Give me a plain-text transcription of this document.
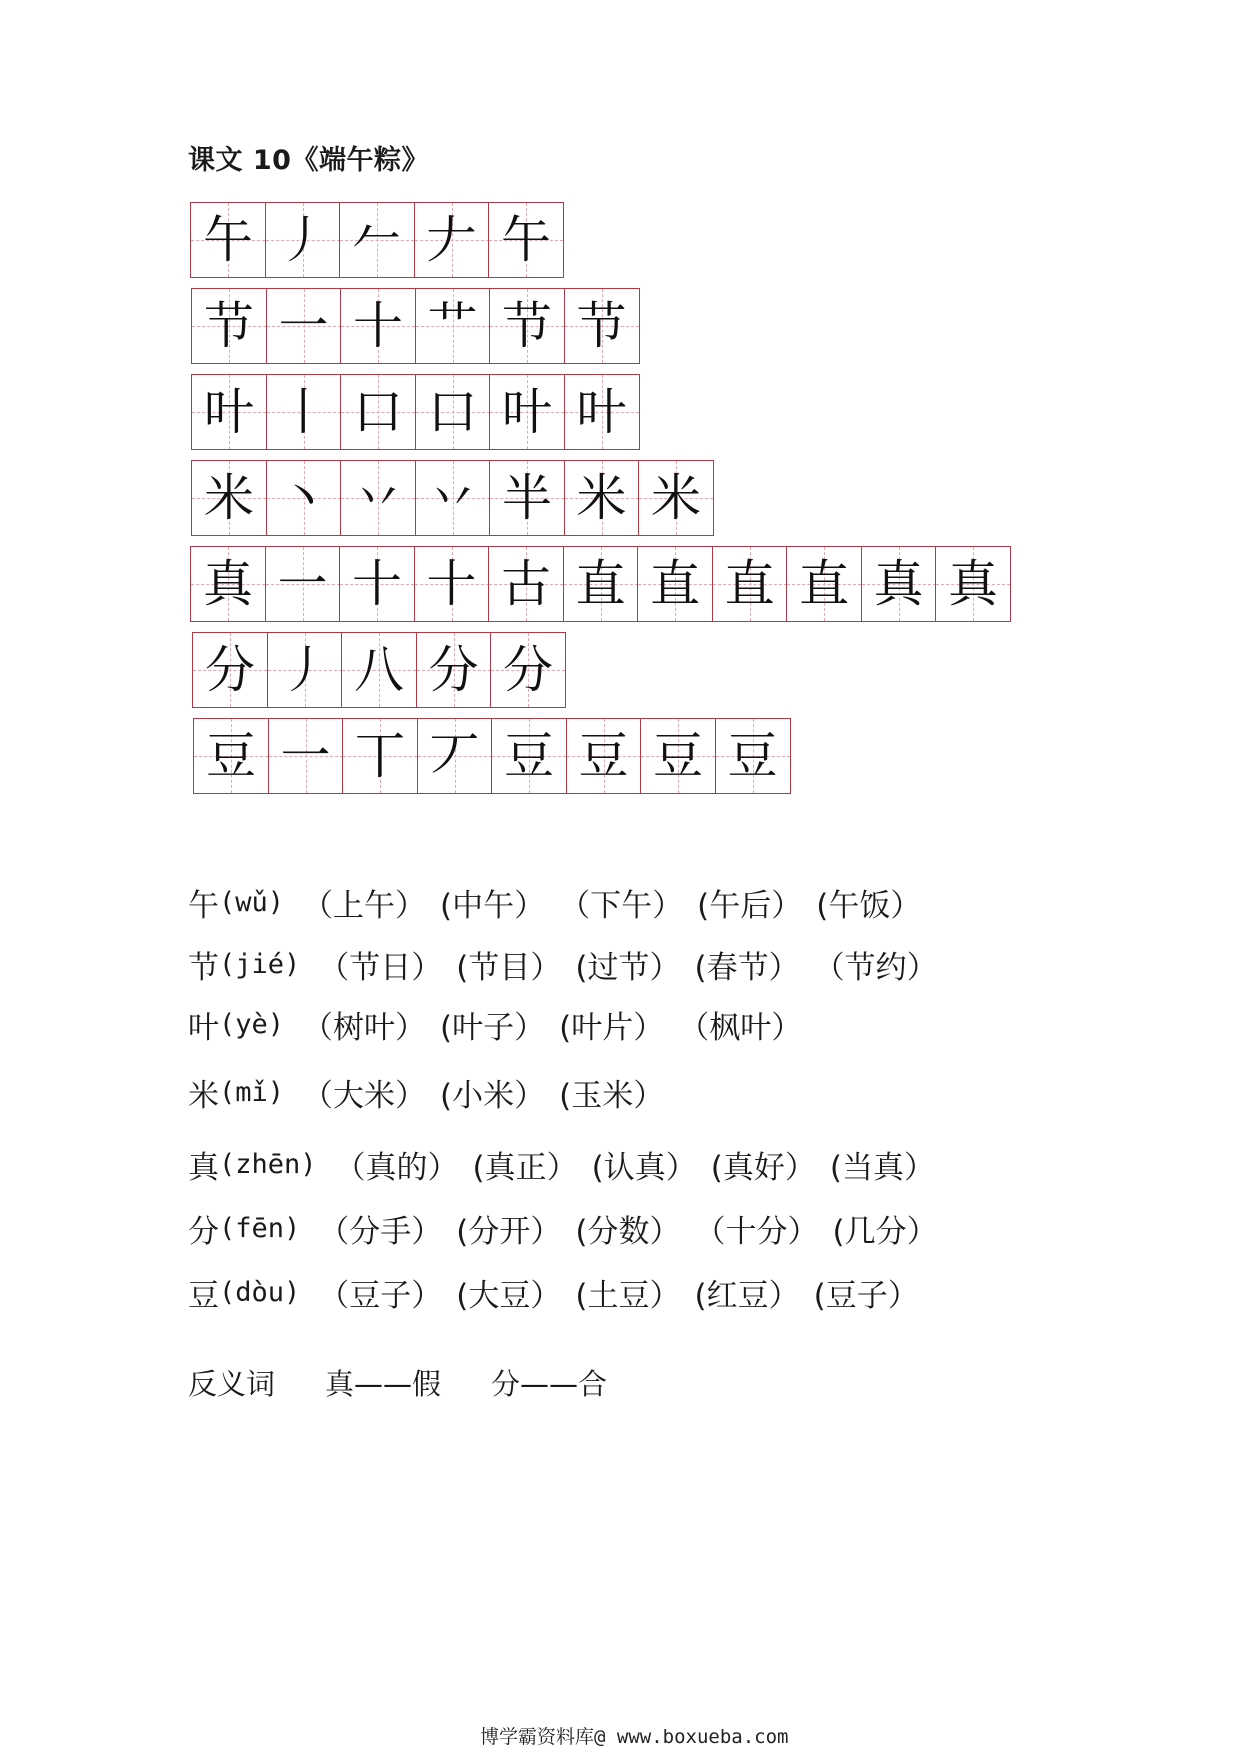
课文 10《端午粽》
午 丿 𠂉 𠂇 午
节 一 十 艹 节 节
叶 丨 口 口 叶 叶
米 丶 丷 丷 半 米 米
真 一 十 十 古 直 直 直 直 真 真
分 丿 八 分 分
豆 一 丅 丆 豆 豆 豆 豆
午 (wǔ) （上午） (中午） （下午） (午后） (午饭）
节 (jié) （节日） (节目） (过节） (春节） （节约）
叶 (yè) （树叶） (叶子） (叶片） （枫叶）
米 (mǐ) （大米） (小米） (玉米）
真 (zhēn) （真的） (真正） (认真） (真好） (当真）
分 (fēn) （分手） (分开） (分数） （十分） (几分）
豆 (dòu) （豆子） (大豆） (土豆） (红豆） (豆子）
反义词 真——假 分——合
博学霸资料库@ www.boxueba.com
